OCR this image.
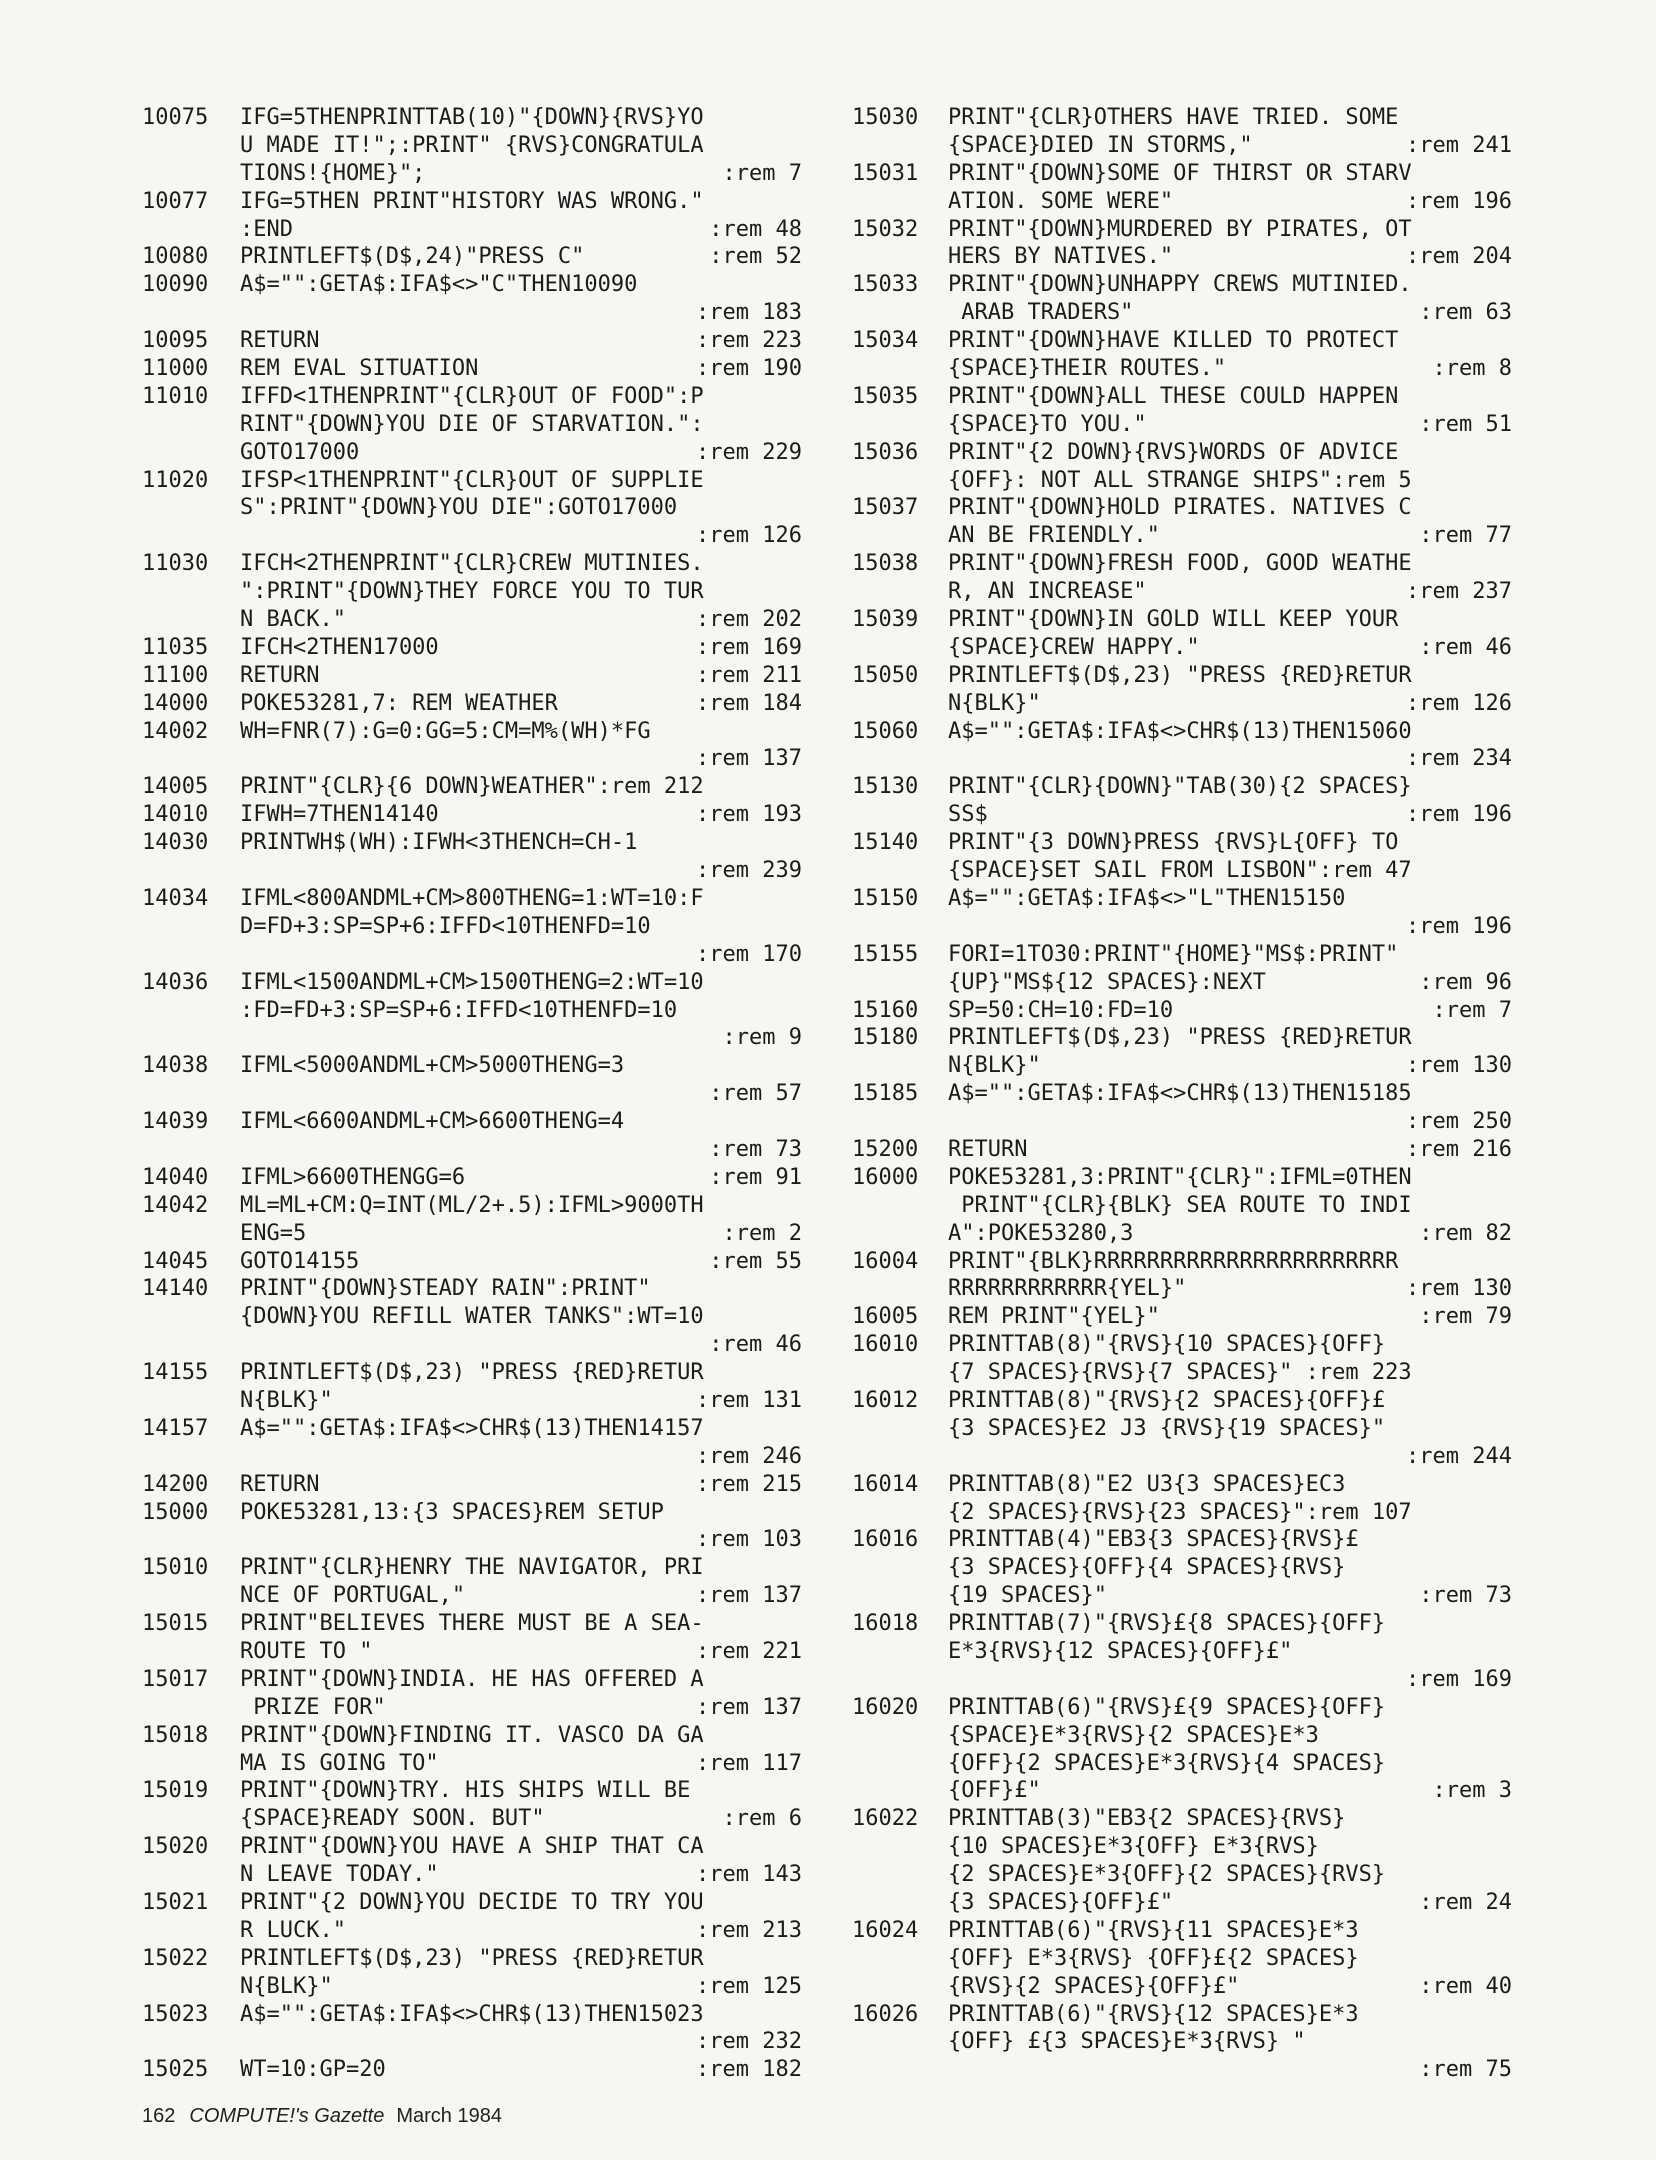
10075 IFG=5THENPRINTTAB(10)"{DOWN}{RVS}YO
U MADE IT!";:PRINT" {RVS}CONGRATULA
TIONS!{HOME}";	:rem 7
10077 IFG=5THEN PRINT"HISTORY WAS WRONG."
:END	:rem 48
10080 PRINTLEFT$(D$,24)"PRESS C"	:rem 52
10090 A$="":GETA$:IFA$<>"C"THEN10090
:rem 183
10095 RETURN	:rem 223
11000 REM EVAL SITUATION	:rem 190
11010 IFFD<1THENPRINT"{CLR}OUT OF FOOD":P
RINT"{DOWN}YOU DIE OF STARVATION.":
GOTO17000	:rem 229
11020 IFSP<1THENPRINT"{CLR}OUT OF SUPPLIE
S":PRINT"{DOWN}YOU DIE":GOTO17000
:rem 126
11030 IFCH<2THENPRINT"{CLR}CREW MUTINIES.
":PRINT"{DOWN}THEY FORCE YOU TO TUR
N BACK."	:rem 202
11035 IFCH<2THEN17000	:rem 169
11100 RETURN	:rem 211
14000 POKE53281,7: REM WEATHER	:rem 184
14002 WH=FNR(7):G=0:GG=5:CM=M%(WH)*FG
:rem 137
14005 PRINT"{CLR}{6 DOWN}WEATHER":rem 212
14010 IFWH=7THEN14140	:rem 193
14030 PRINTWH$(WH):IFWH<3THENCH=CH-1
:rem 239
14034 IFML<800ANDML+CM>800THENG=1:WT=10:F
D=FD+3:SP=SP+6:IFFD<10THENFD=10
:rem 170
14036 IFML<1500ANDML+CM>1500THENG=2:WT=10
:FD=FD+3:SP=SP+6:IFFD<10THENFD=10
:rem 9
14038 IFML<5000ANDML+CM>5000THENG=3
:rem 57
14039 IFML<6600ANDML+CM>6600THENG=4
:rem 73
14040 IFML>6600THENGG=6	:rem 91
14042 ML=ML+CM:Q=INT(ML/2+.5):IFML>9000TH
ENG=5	:rem 2
14045 GOTO14155	:rem 55
14140 PRINT"{DOWN}STEADY RAIN":PRINT"
{DOWN}YOU REFILL WATER TANKS":WT=10
:rem 46
14155 PRINTLEFT$(D$,23) "PRESS {RED}RETUR
N{BLK}"	:rem 131
14157 A$="":GETA$:IFA$<>CHR$(13)THEN14157
:rem 246
14200 RETURN	:rem 215
15000 POKE53281,13:{3 SPACES}REM SETUP
:rem 103
15010 PRINT"{CLR}HENRY THE NAVIGATOR, PRI
NCE OF PORTUGAL,"	:rem 137
15015 PRINT"BELIEVES THERE MUST BE A SEA-
ROUTE TO "	:rem 221
15017 PRINT"{DOWN}INDIA. HE HAS OFFERED A
PRIZE FOR"	:rem 137
15018 PRINT"{DOWN}FINDING IT. VASCO DA GA
MA IS GOING TO"	:rem 117
15019 PRINT"{DOWN}TRY. HIS SHIPS WILL BE
{SPACE}READY SOON. BUT"	:rem 6
15020 PRINT"{DOWN}YOU HAVE A SHIP THAT CA
N LEAVE TODAY."	:rem 143
15021 PRINT"{2 DOWN}YOU DECIDE TO TRY YOU
R LUCK."	:rem 213
15022 PRINTLEFT$(D$,23) "PRESS {RED}RETUR
N{BLK}"	:rem 125
15023 A$="":GETA$:IFA$<>CHR$(13)THEN15023
:rem 232
15025 WT=10:GP=20	:rem 182
15030 PRINT"{CLR}OTHERS HAVE TRIED. SOME
{SPACE}DIED IN STORMS,"	:rem 241
15031 PRINT"{DOWN}SOME OF THIRST OR STARV
ATION. SOME WERE"	:rem 196
15032 PRINT"{DOWN}MURDERED BY PIRATES, OT
HERS BY NATIVES."	:rem 204
15033 PRINT"{DOWN}UNHAPPY CREWS MUTINIED.
ARAB TRADERS"	:rem 63
15034 PRINT"{DOWN}HAVE KILLED TO PROTECT
{SPACE}THEIR ROUTES."	:rem 8
15035 PRINT"{DOWN}ALL THESE COULD HAPPEN
{SPACE}TO YOU."	:rem 51
15036 PRINT"{2 DOWN}{RVS}WORDS OF ADVICE
{OFF}: NOT ALL STRANGE SHIPS":rem 5
15037 PRINT"{DOWN}HOLD PIRATES. NATIVES C
AN BE FRIENDLY."	:rem 77
15038 PRINT"{DOWN}FRESH FOOD, GOOD WEATHE
R, AN INCREASE"	:rem 237
15039 PRINT"{DOWN}IN GOLD WILL KEEP YOUR
{SPACE}CREW HAPPY."	:rem 46
15050 PRINTLEFT$(D$,23) "PRESS {RED}RETUR
N{BLK}"	:rem 126
15060 A$="":GETA$:IFA$<>CHR$(13)THEN15060
:rem 234
15130 PRINT"{CLR}{DOWN}"TAB(30){2 SPACES}
SS$	:rem 196
15140 PRINT"{3 DOWN}PRESS {RVS}L{OFF} TO
{SPACE}SET SAIL FROM LISBON":rem 47
15150 A$="":GETA$:IFA$<>"L"THEN15150
:rem 196
15155 FORI=1TO30:PRINT"{HOME}"MS$:PRINT"
{UP}"MS${12 SPACES}:NEXT	:rem 96
15160 SP=50:CH=10:FD=10	:rem 7
15180 PRINTLEFT$(D$,23) "PRESS {RED}RETUR
N{BLK}"	:rem 130
15185 A$="":GETA$:IFA$<>CHR$(13)THEN15185
:rem 250
15200 RETURN	:rem 216
16000 POKE53281,3:PRINT"{CLR}":IFML=0THEN
PRINT"{CLR}{BLK} SEA ROUTE TO INDI
A":POKE53280,3	:rem 82
16004 PRINT"{BLK}RRRRRRRRRRRRRRRRRRRRRRR
RRRRRRRRRRRR{YEL}"	:rem 130
16005 REM PRINT"{YEL}"	:rem 79
16010 PRINTTAB(8)"{RVS}{10 SPACES}{OFF}
{7 SPACES}{RVS}{7 SPACES}" :rem 223
16012 PRINTTAB(8)"{RVS}{2 SPACES}{OFF}£
{3 SPACES}E2 J3 {RVS}{19 SPACES}"
:rem 244
16014 PRINTTAB(8)"E2 U3{3 SPACES}EC3
{2 SPACES}{RVS}{23 SPACES}":rem 107
16016 PRINTTAB(4)"EB3{3 SPACES}{RVS}£
{3 SPACES}{OFF}{4 SPACES}{RVS}
{19 SPACES}"	:rem 73
16018 PRINTTAB(7)"{RVS}£{8 SPACES}{OFF}
E*3{RVS}{12 SPACES}{OFF}£"
:rem 169
16020 PRINTTAB(6)"{RVS}£{9 SPACES}{OFF}
{SPACE}E*3{RVS}{2 SPACES}E*3
{OFF}{2 SPACES}E*3{RVS}{4 SPACES}
{OFF}£"	:rem 3
16022 PRINTTAB(3)"EB3{2 SPACES}{RVS}
{10 SPACES}E*3{OFF} E*3{RVS}
{2 SPACES}E*3{OFF}{2 SPACES}{RVS}
{3 SPACES}{OFF}£"	:rem 24
16024 PRINTTAB(6)"{RVS}{11 SPACES}E*3
{OFF} E*3{RVS} {OFF}£{2 SPACES}
{RVS}{2 SPACES}{OFF}£"	:rem 40
16026 PRINTTAB(6)"{RVS}{12 SPACES}E*3
{OFF} £{3 SPACES}E*3{RVS} "
:rem 75
162 COMPUTE!'s Gazette March 1984
